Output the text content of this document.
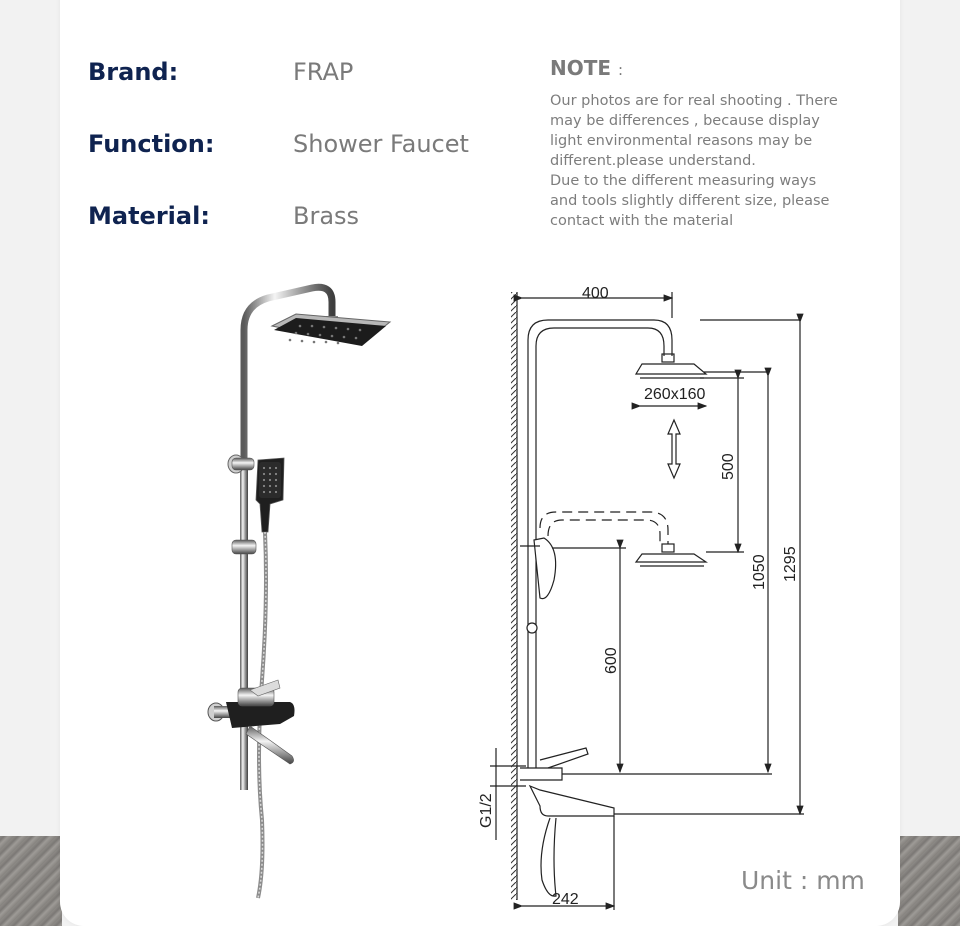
Brand:	FRAP
Function:	Shower Faucet
Material:	Brass
NOTE :
Our photos are for real shooting . There
may be differences , because display
light environmental reasons may be
different.please understand.
Due to the different measuring ways
and tools slightly different size, please
contact with the material
400
260x160
500
1050 1295
600
G1/2
242
Unit : mm
